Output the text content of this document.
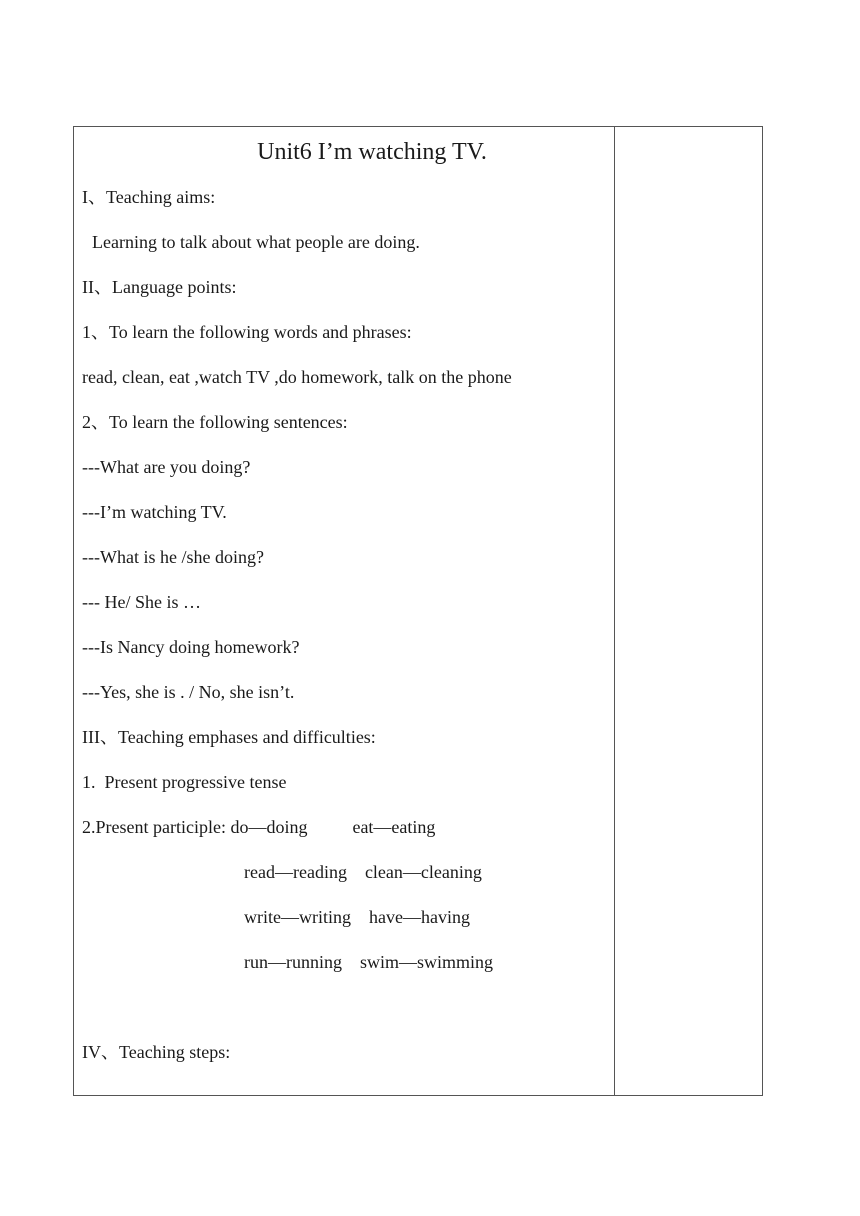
Unit6 I’m watching TV.
I、Teaching aims:
Learning to talk about what people are doing.
II、Language points:
1、To learn the following words and phrases:
read, clean, eat ,watch TV ,do homework, talk on the phone
2、To learn the following sentences:
---What are you doing?
---I’m watching TV.
---What is he /she doing?
--- He/ She is …
---Is Nancy doing homework?
---Yes, she is . / No, she isn’t.
III、Teaching emphases and difficulties:
1.  Present progressive tense
2.Present participle: do—doing          eat—eating
read—reading    clean—cleaning
write—writing    have—having
run—running    swim—swimming
IV、Teaching steps:
